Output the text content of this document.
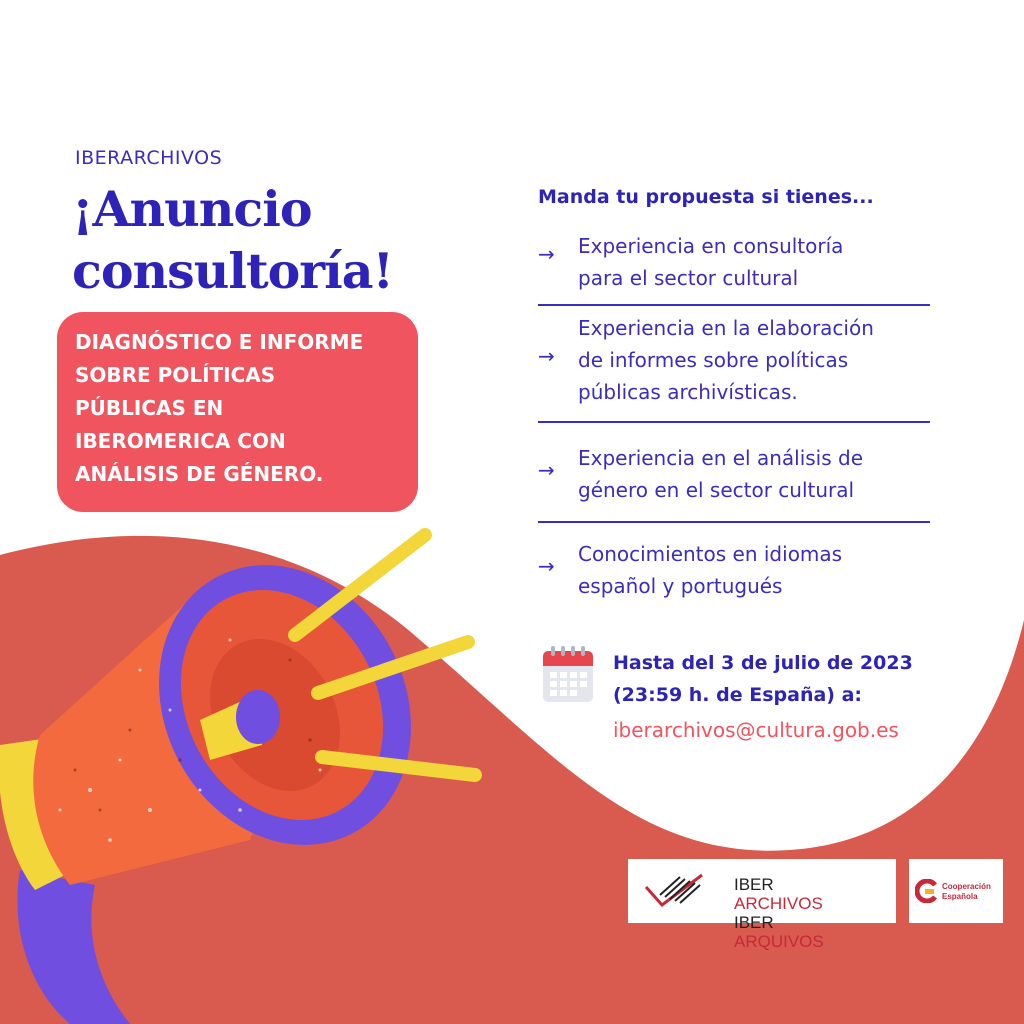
IBERARCHIVOS
¡Anuncio
consultoría!
DIAGNÓSTICO E INFORME
SOBRE POLÍTICAS
PÚBLICAS EN
IBEROMERICA CON
ANÁLISIS DE GÉNERO.
Manda tu propuesta si tienes...
→ Experiencia en consultoría
para el sector cultural
→
Experiencia en la elaboración
de informes sobre políticas
públicas archivísticas.
→ Experiencia en el análisis de
género en el sector cultural
→ Conocimientos en idiomas
español y portugués
Hasta del 3 de julio de 2023
(23:59 h. de España) a:
iberarchivos@cultura.gob.es
IBER
ARCHIVOS
IBER
ARQUIVOS
Cooperación
Española
